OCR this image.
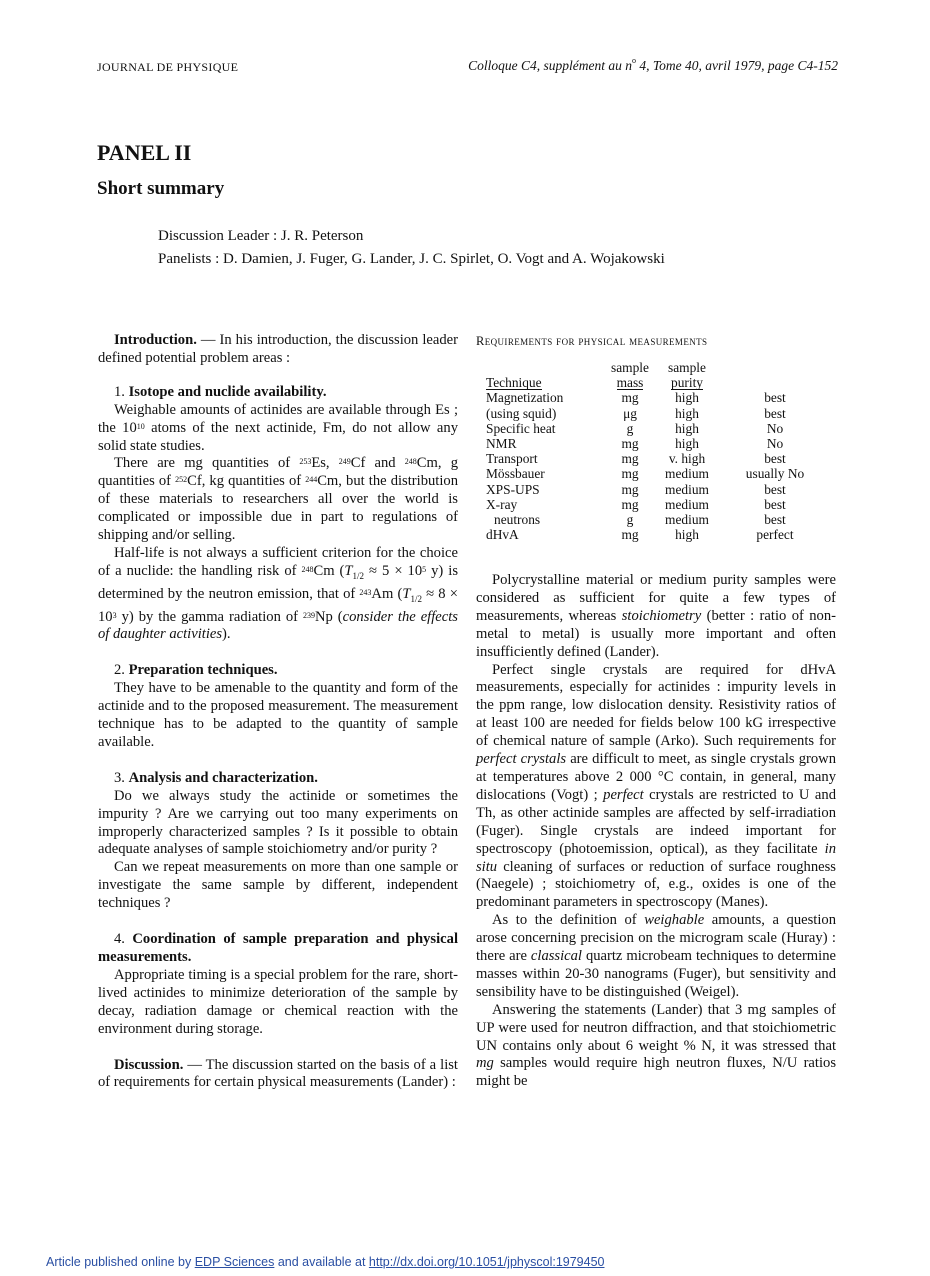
JOURNAL DE PHYSIQUE	Colloque C4, supplément au $n^o$ 4, Tome 40, avril 1979, page C4-152
PANEL II
Short summary
Discussion Leader : J. R. Peterson
Panelists : D. Damien, J. Fuger, G. Lander, J. C. Spirlet, O. Vogt and A. Wojakowski

Introduction. — In his introduction, the discussion leader defined potential problem areas :

1. Isotope and nuclide availability.

Weighable amounts of actinides are available through Es ; the $10^{10}$ atoms of the next actinide, Fm, do not allow any solid state studies.

There are mg quantities of $^{253}$Es, $^{249}$Cf and $^{248}$Cm, g quantities of $^{252}$Cf, kg quantities of $^{244}$Cm, but the distribution of these materials to researchers all over the world is complicated or impossible due in part to regulations of shipping and/or selling.

Half-life is not always a sufficient criterion for the choice of a nuclide: the handling risk of $^{248}$Cm ($T_{1/2} \approx 5 \times 10^5$ y) is determined by the neutron emission, that of $^{243}$Am ($T_{1/2} \approx 8 \times 10^3$ y) by the gamma radiation of $^{239}$Np (consider the effects of daughter activities).

2. Preparation techniques.

They have to be amenable to the quantity and form of the actinide and to the proposed measurement. The measurement technique has to be adapted to the quantity of sample available.

3. Analysis and characterization.

Do we always study the actinide or sometimes the impurity ? Are we carrying out too many experiments on improperly characterized samples ? Is it possible to obtain adequate analyses of sample stoichiometry and/or purity ?

Can we repeat measurements on more than one sample or investigate the same sample by different, independent techniques ?

4. Coordination of sample preparation and physical measurements.

Appropriate timing is a special problem for the rare, short-lived actinides to minimize deterioration of the sample by decay, radiation damage or chemical reaction with the environment during storage.

Discussion. — The discussion started on the basis of a list of requirements for certain physical measurements (Lander) :

Requirements for physical measurements
	sample	sample	
Technique	mass	purity	
Magnetization	mg	high	best
(using squid)	μg	high	best
Specific heat	g	high	No
NMR	mg	high	No
Transport	mg	v. high	best
Mössbauer	mg	medium	usually No
XPS-UPS	mg	medium	best
X-ray	mg	medium	best
neutrons	g	medium	best
dHvA	mg	high	perfect

Polycrystalline material or medium purity samples were considered as sufficient for quite a few types of measurements, whereas stoichiometry (better : ratio of non-metal to metal) is usually more important and often insufficiently defined (Lander).

Perfect single crystals are required for dHvA measurements, especially for actinides : impurity levels in the ppm range, low dislocation density. Resistivity ratios of at least 100 are needed for fields below 100 kG irrespective of chemical nature of sample (Arko). Such requirements for perfect crystals are difficult to meet, as single crystals grown at temperatures above 2 000 °C contain, in general, many dislocations (Vogt) ; perfect crystals are restricted to U and Th, as other actinide samples are affected by self-irradiation (Fuger). Single crystals are indeed important for spectroscopy (photoemission, optical), as they facilitate in situ cleaning of surfaces or reduction of surface roughness (Naegele) ; stoichiometry of, e.g., oxides is one of the predominant parameters in spectroscopy (Manes).

As to the definition of weighable amounts, a question arose concerning precision on the microgram scale (Huray) : there are classical quartz microbeam techniques to determine masses within 20-30 nanograms (Fuger), but sensitivity and sensibility have to be distinguished (Weigel).

Answering the statements (Lander) that 3 mg samples of UP were used for neutron diffraction, and that stoichiometric UN contains only about 6 weight % N, it was stressed that mg samples would require high neutron fluxes, N/U ratios might be

Article published online by EDP Sciences and available at http://dx.doi.org/10.1051/jphyscol:1979450
